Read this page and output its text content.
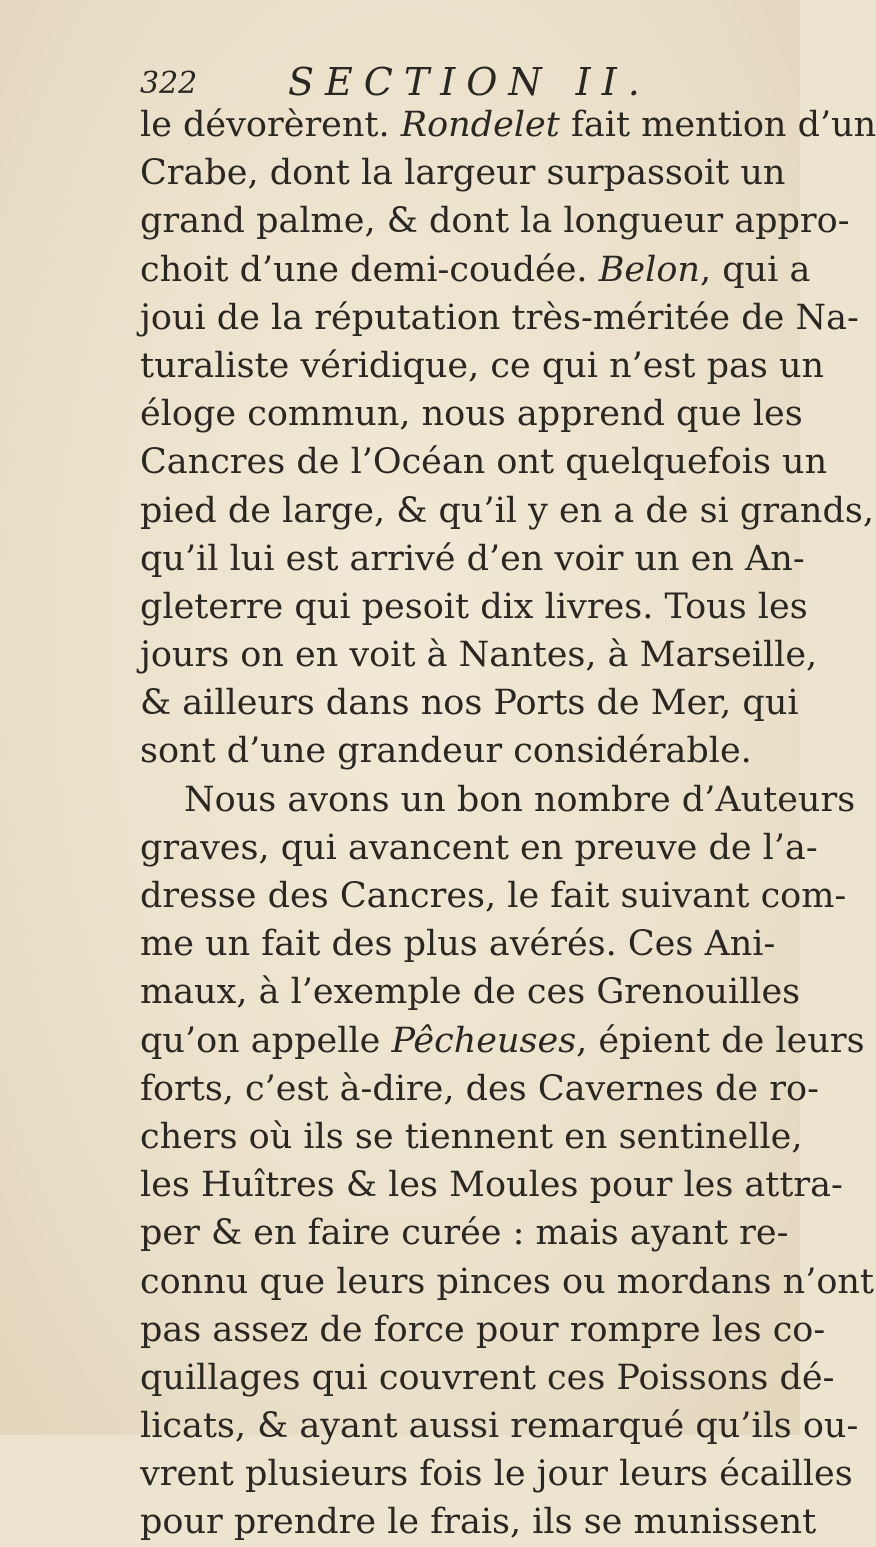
322 SECTION II.
le dévorèrent. Rondelet fait mention d’un
Crabe, dont la largeur surpassoit un
grand palme, & dont la longueur appro-
choit d’une demi-coudée. Belon, qui a
joui de la réputation très-méritée de Na-
turaliste véridique, ce qui n’est pas un
éloge commun, nous apprend que les
Cancres de l’Océan ont quelquefois un
pied de large, & qu’il y en a de si grands,
qu’il lui est arrivé d’en voir un en An-
gleterre qui pesoit dix livres. Tous les
jours on en voit à Nantes, à Marseille,
& ailleurs dans nos Ports de Mer, qui
sont d’une grandeur considérable.
Nous avons un bon nombre d’Auteurs
graves, qui avancent en preuve de l’a-
dresse des Cancres, le fait suivant com-
me un fait des plus avérés. Ces Ani-
maux, à l’exemple de ces Grenouilles
qu’on appelle Pêcheuses, épient de leurs
forts, c’est à-dire, des Cavernes de ro-
chers où ils se tiennent en sentinelle,
les Huîtres & les Moules pour les attra-
per & en faire curée : mais ayant re-
connu que leurs pinces ou mordans n’ont
pas assez de force pour rompre les co-
quillages qui couvrent ces Poissons dé-
licats, & ayant aussi remarqué qu’ils ou-
vrent plusieurs fois le jour leurs écailles
pour prendre le frais, ils se munissent
